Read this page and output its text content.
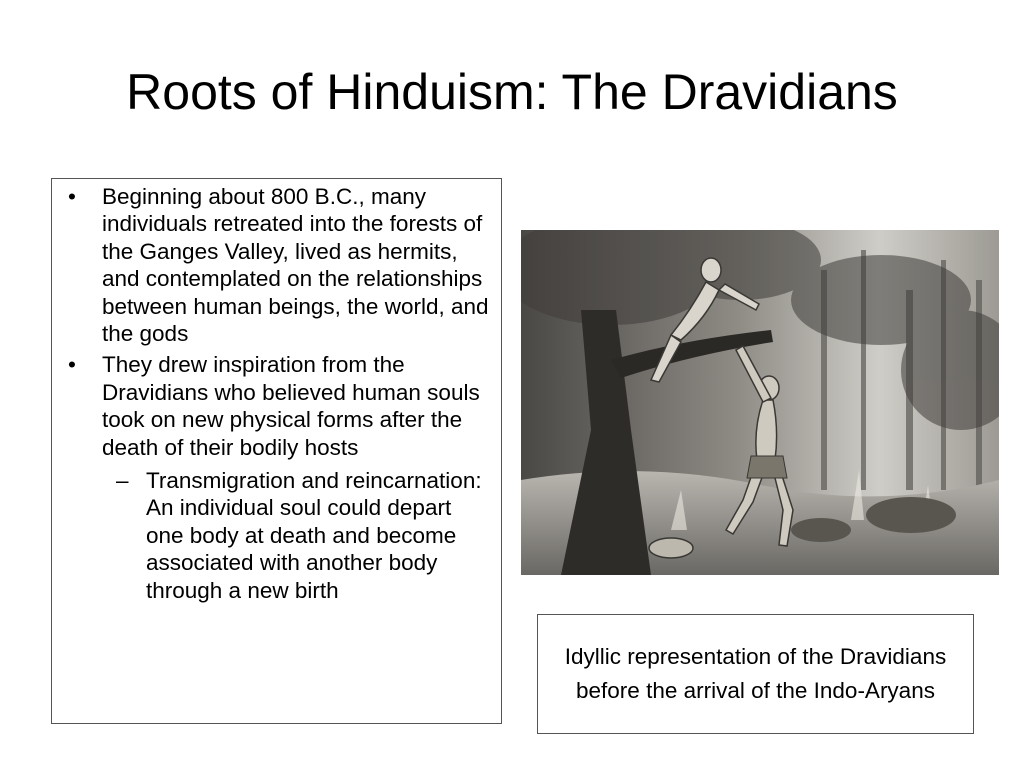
Roots of Hinduism: The Dravidians
• Beginning about 800 B.C., many individuals retreated into the forests of the Ganges Valley, lived as hermits, and contemplated on the relationships between human beings, the world, and the gods
• They drew inspiration from the Dravidians who believed human souls took on new physical forms after the death of their bodily hosts
– Transmigration and reincarnation: An individual soul could depart one body at death and become associated with another body through a new birth
Idyllic representation of the Dravidians before the arrival of the Indo-Aryans
